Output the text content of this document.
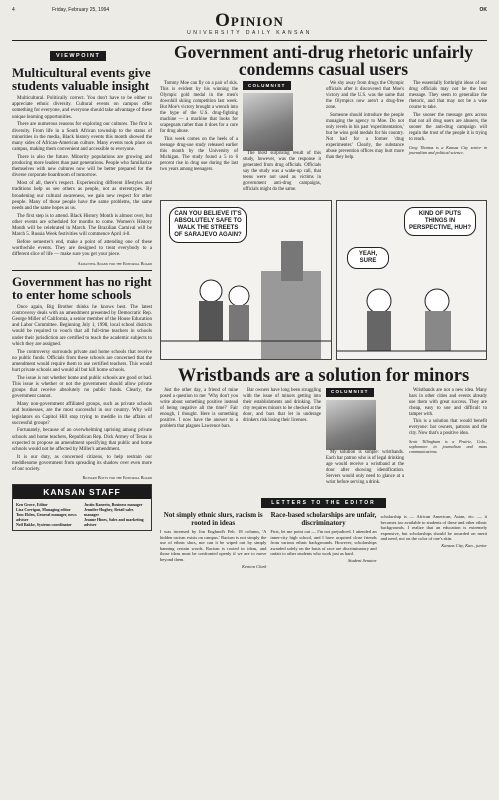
4	Friday, February 25, 1994	OK
Opinion
UNIVERSITY DAILY KANSAN
VIEWPOINT
Multicultural events give students valuable insight

Multicultural. Politically correct. You don't have to be either to appreciate ethnic diversity. Cultural events on campus offer something for everyone, and everyone should take advantage of these unique learning opportunities.

There are numerous reasons for exploring our cultures. The first is diversity. From life in a South African township to the status of minorities in the media, Black history events this month showed the many sides of African-American culture. Many events took place on campus, making them convenient and accessible to everyone.

There is also the future. Minority populations are growing and producing more leaders than past generations. People who familiarize themselves with new cultures now will be better prepared for the diverse corporate boardroom of tomorrow.

Most of all, there's respect. Experiencing different lifestyles and traditions help us see others as people, not as stereotypes. By broadening our cultural awareness, we gain new respect for other people. Many of those people have the same problems, the same needs and the same hopes as us.

The first step is to attend. Black History Month is almost over, but other events are scheduled for months to come. Women's History Month will be celebrated in March. The Brazilian Carnival will be March 5. Russia Week festivities will commence April 4-8.

Before semester's end, make a point of attending one of these worthwhile events. They are designed to treat everybody to a different slice of life — make sure you get your piece.

Samantha Adams for the Editorial Board
Government has no right to enter home schools

Once again, Big Brother thinks he knows best. The latest controversy deals with an amendment presented by Democratic Rep. George Miller of California, a senior member of the House Education and Labor Committee. Beginning July 1, 1998, local school districts would be required to vouch that all full-time teachers in schools under their jurisdiction are certified to teach the academic subjects to which they are assigned.

The controversy surrounds private and home schools that receive no public funds. Officials from these schools are concerned that the amendment would require them to use certified teachers. This would hurt private schools and would all but kill home schools.

The issue is not whether home and public schools are good or bad. This issue is whether or not the government should allow private groups that receive absolutely no public funds. Clearly, the government cannot.

Many non-government affiliated groups, such as private schools and businesses, are the most successful in our country. Why will legislators on Capitol Hill stop trying to meddle in the affairs of successful groups?

Fortunately, because of an overwhelming uprising among private schools and home teachers, Republican Rep. Dick Armey of Texas is expected to propose an amendment specifying that public and home schools would not be affected by Miller's amendment.

It is our duty, as concerned citizens, to help restrain our meddlesome government from spreading its shadow over even more of our society.

Richard Botts for the Editorial Board
KANSAN STAFF
Ken Grove, Editor
Lisa Corrigan, Managing editor
Tom Eblen, General manager, news adviser
Neil Bakke, Systems coordinator
Justin Kanerin, Business manager
Jennifer Hughey, Retail sales manager
Jeanne Hines, Sales and marketing adviser
Government anti-drug rhetoric unfairly condemns casual users

Tommy Moe can fly on a pair of skis. This is evident by his winning the Olympic gold medal in the men's downhill skiing competition last week. But Moe's victory brought a wrench into the hype of the U.S. drug-fighting machine — a machine that looks for scapegoats rather than it does for a cure for drug abuse.

This week comes on the heels of a teenage drug-use study released earlier this month by the University of Michigan. The study found a 5 to 6 percent rise in drug use during the last two years among teenagers.

COLUMNIST

The most surprising result of this study, however, was the response it generated from drug officials. Officials say the study was a wake-up call, that teens were not used as victims in government anti-drug campaigns, officials might do the same.

We shy away from drugs the Olympic officials after it discovered that Moe's victory and the U.S. was the same that the Olympics now aren't a drug-free zone.

Someone should introduce the people managing the agency to Moe. Do not only revels in his past 'experimentation,' but he wins gold medals for his country. Not bad for a former 'drug experimenter.' Clearly, the substance abuse prevention offices may hurt more than they help.

The essentially forthright ideas of our drug officials may not be the best message. They seem to generalize the rhetoric, and that may not be a wise course to take.

The sooner the message gets across that not all drug users are abusers, the sooner the anti-drug campaign will regain the trust of the people it is trying to reach.

Greg Thomas is a Kansas City senior in journalism and political science.
CAN YOU BELIEVE IT'S ABSOLUTELY SAFE TO WALK THE STREETS OF SARAJEVO AGAIN?
KIND OF PUTS THINGS IN PERSPECTIVE, HUH?
YEAH, SURE
Wristbands are a solution for minors

Just the other day, a friend of mine posed a question to me: 'Why don't you write about something positive instead of being negative all the time?' Fair enough, I thought. Here is something positive. I now have the answer to a problem that plagues Lawrence bars.

Bar owners have long been struggling with the issue of minors getting into their establishments and drinking. The city requires minors to be checked at the door, and bars that let in underage drinkers risk losing their licenses.

COLUMNIST

My solution is simple: wristbands. Each bar patron who is of legal drinking age would receive a wristband at the door after showing identification. Servers would only need to glance at a wrist before serving a drink.

Wristbands are not a new idea. Many bars in other cities and events already use them with great success. They are cheap, easy to use and difficult to tamper with.

This is a solution that would benefit everyone: bar owners, patrons and the city. Now that's a positive idea.

Scott Tillingham is a Prairie, Colo., sophomore in journalism and mass communications.
LETTERS TO THE EDITOR
Not simply ethnic slurs, racism is rooted in ideas
I was incensed by Jon Englund's Feb. 18 column, 'A hidden racism exists on campus.' Racism is not simply the use of ethnic slurs, nor can it be wiped out by simply banning certain words. Racism is rooted in ideas, and those ideas must be confronted openly if we are to move beyond them.
Kenton Clark
Race-based scholarships are unfair, discriminatory
First, let me point out — I'm not prejudiced. I attended an inner-city high school, and I have acquired close friends from various ethnic backgrounds. However, scholarships awarded solely on the basis of race are discriminatory and unfair to other students who work just as hard.
Student Senator
scholarship is — African American, Asian, etc. — it becomes too available to students of these and other ethnic backgrounds. I realize that an education is extremely expensive, but scholarships should be awarded on merit and need, not on the color of one's skin.
Kansas City, Kan., junior
